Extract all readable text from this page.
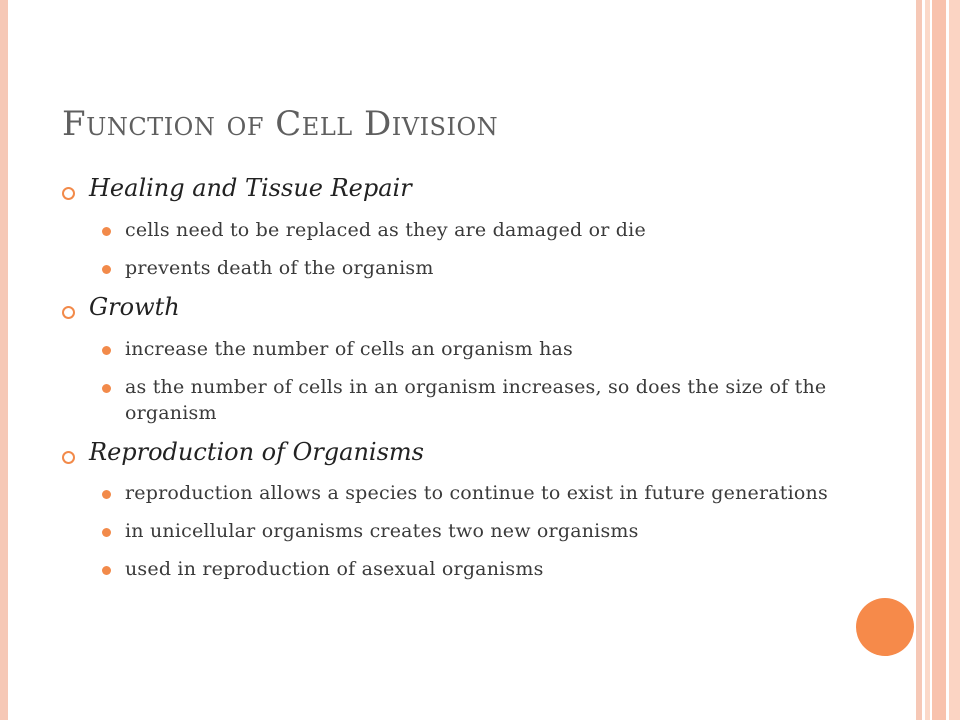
Function of Cell Division
Healing and Tissue Repair
cells need to be replaced as they are damaged or die
prevents death of the organism
Growth
increase the number of cells an organism has
as the number of cells in an organism increases, so does the size of the organism
Reproduction of Organisms
reproduction allows a species to continue to exist in future generations
in unicellular organisms creates two new organisms
used in reproduction of asexual organisms
